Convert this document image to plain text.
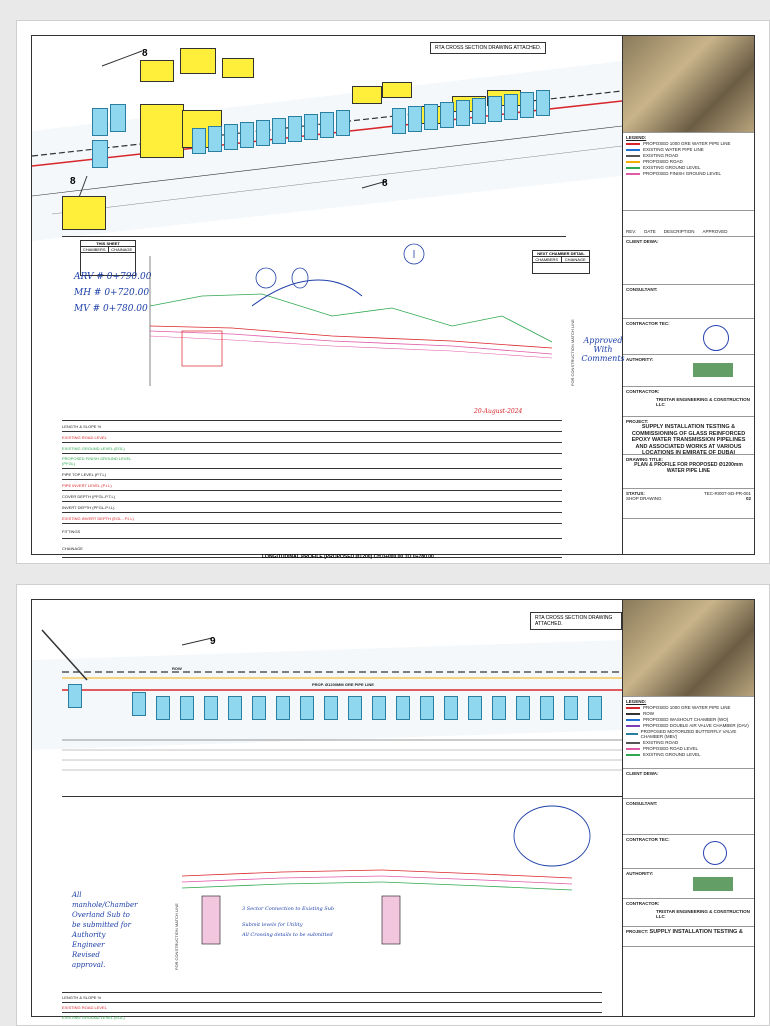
8
8
8
RTA CROSS SECTION DRAWING ATTACHED.
THIS SHEET
CHAMBERS	CHAINAGE
ARV # 0+790.00
MH # 0+720.00
MV # 0+780.00
NEXT CHAMBER DETAIL
CHAMBERS	CHAINAGE
FOR CONSTRUCTION MATCH LINE	Approved With Comments
20-August-2024
LENGTH & SLOPE %
EXISTING ROAD LEVEL
EXISTING GROUND LEVEL (EGL)
PROPOSED FINISH GROUND LEVEL (PFGL)
PIPE TOP LEVEL (P.T.L)
PIPE INVERT LEVEL (P.I.L)
COVER DEPTH (PFGL-P.T.L)
INVERT DEPTH (PFGL-P.I.L)
EXISTING INVERT DEPTH (EGL - P.I.L)
FITTINGS
CHAINAGE
LONGITUDINAL PROFILE (PROPOSED Ø1200) CH.0+000.00 TO 0+780.00
LEGEND:
PROPOSED 1000 GRE WATER PIPE LINE
EXISTING WATER PIPE LINE
EXISTING ROAD
PROPOSED ROAD
EXISTING GROUND LEVEL
PROPOSED FINISH GROUND LEVEL
REV. DATE DESCRIPTION APPROVED
CLIENT DEWA:
CONSULTANT:
CONTRACTOR TEC:
AUTHORITY:
CONTRACTOR:
TRISTAR ENGINEERING & CONSTRUCTION LLC
PROJECT:
SUPPLY INSTALLATION TESTING & COMMISSIONING OF GLASS REINFORCED EPOXY WATER TRANSMISSION PIPELINES AND ASSOCIATED WORKS AT VARIOUS LOCATIONS IN EMIRATE OF DUBAI
DRAWING TITLE:
PLAN & PROFILE FOR PROPOSED Ø1200mm WATER PIPE LINE
STATUS:
SHOP DRAWING
TEC-RI007-SD-PR-001
02
9
ROW
PROP. Ø1200MM GRE PIPE LINE
RTA CROSS SECTION DRAWING ATTACHED.
FOR CONSTRUCTION MATCH LINE
All manhole/Chamber Overland Sub to be submitted for Authority Engineer Revised approval.
3 Sector Connection to Existing Sub
Submit levels for Utility
All Crossing details to be submitted
LENGTH & SLOPE %
EXISTING ROAD LEVEL
EXISTING GROUND LEVEL (EGL)
LEGEND:
PROPOSED 1000 GRE WATER PIPE LINE
ROW
PROPOSED WASHOUT CHAMBER (WO)
PROPOSED DOUBLE AIR VALVE CHAMBER (DAV)
PROPOSED MOTORIZED BUTTERFLY VALVE CHAMBER (MBV)
EXISTING ROAD
PROPOSED ROAD LEVEL
EXISTING GROUND LEVEL
CLIENT DEWA:
CONSULTANT:
CONTRACTOR TEC:
AUTHORITY:
CONTRACTOR:
TRISTAR ENGINEERING & CONSTRUCTION LLC
PROJECT: SUPPLY INSTALLATION TESTING &
